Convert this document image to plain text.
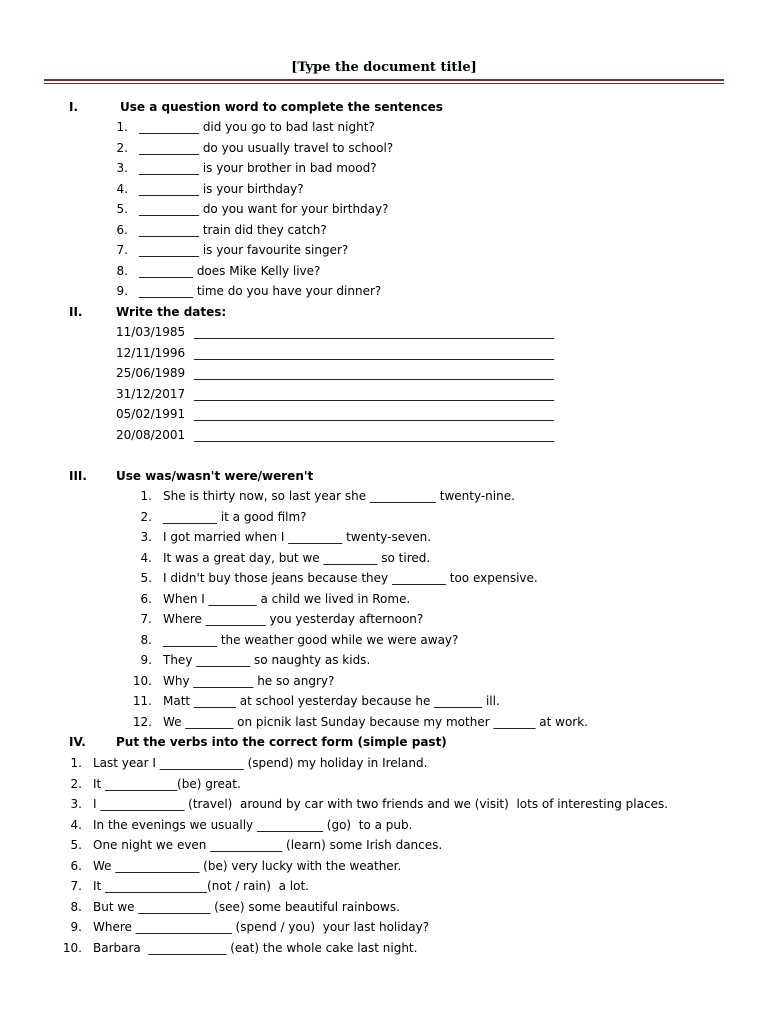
[Type the document title]
I.	Use a question word to complete the sentences
1. __________ did you go to bad last night?
2. __________ do you usually travel to school?
3. __________ is your brother in bad mood?
4. __________ is your birthday?
5. __________ do you want for your birthday?
6. __________ train did they catch?
7. __________ is your favourite singer?
8. _________ does Mike Kelly live?
9. _________ time do you have your dinner?
II.	Write the dates:
11/03/1985 ____________________________________________________________
12/11/1996 ____________________________________________________________
25/06/1989 ____________________________________________________________
31/12/2017 ____________________________________________________________
05/02/1991 ____________________________________________________________
20/08/2001 ____________________________________________________________
III. Use was/wasn't were/weren't
1. She is thirty now, so last year she ___________ twenty-nine.
2. _________ it a good film?
3. I got married when I _________ twenty-seven.
4. It was a great day, but we _________ so tired.
5. I didn't buy those jeans because they _________ too expensive.
6. When I ________ a child we lived in Rome.
7. Where __________ you yesterday afternoon?
8. _________ the weather good while we were away?
9. They _________ so naughty as kids.
10. Why __________ he so angry?
11. Matt _______ at school yesterday because he ________ ill.
12. We ________ on picnik last Sunday because my mother _______ at work.
IV.	Put the verbs into the correct form (simple past)
1. Last year I ______________ (spend) my holiday in Ireland.
2. It ____________(be) great.
3. I ______________ (travel)  around by car with two friends and we (visit)  lots of interesting places.
4. In the evenings we usually ___________ (go)  to a pub.
5. One night we even ____________ (learn) some Irish dances.
6. We ______________ (be) very lucky with the weather.
7. It _________________(not / rain)  a lot.
8. But we ____________ (see) some beautiful rainbows.
9. Where ________________ (spend / you)  your last holiday?
10. Barbara  _____________ (eat) the whole cake last night.
